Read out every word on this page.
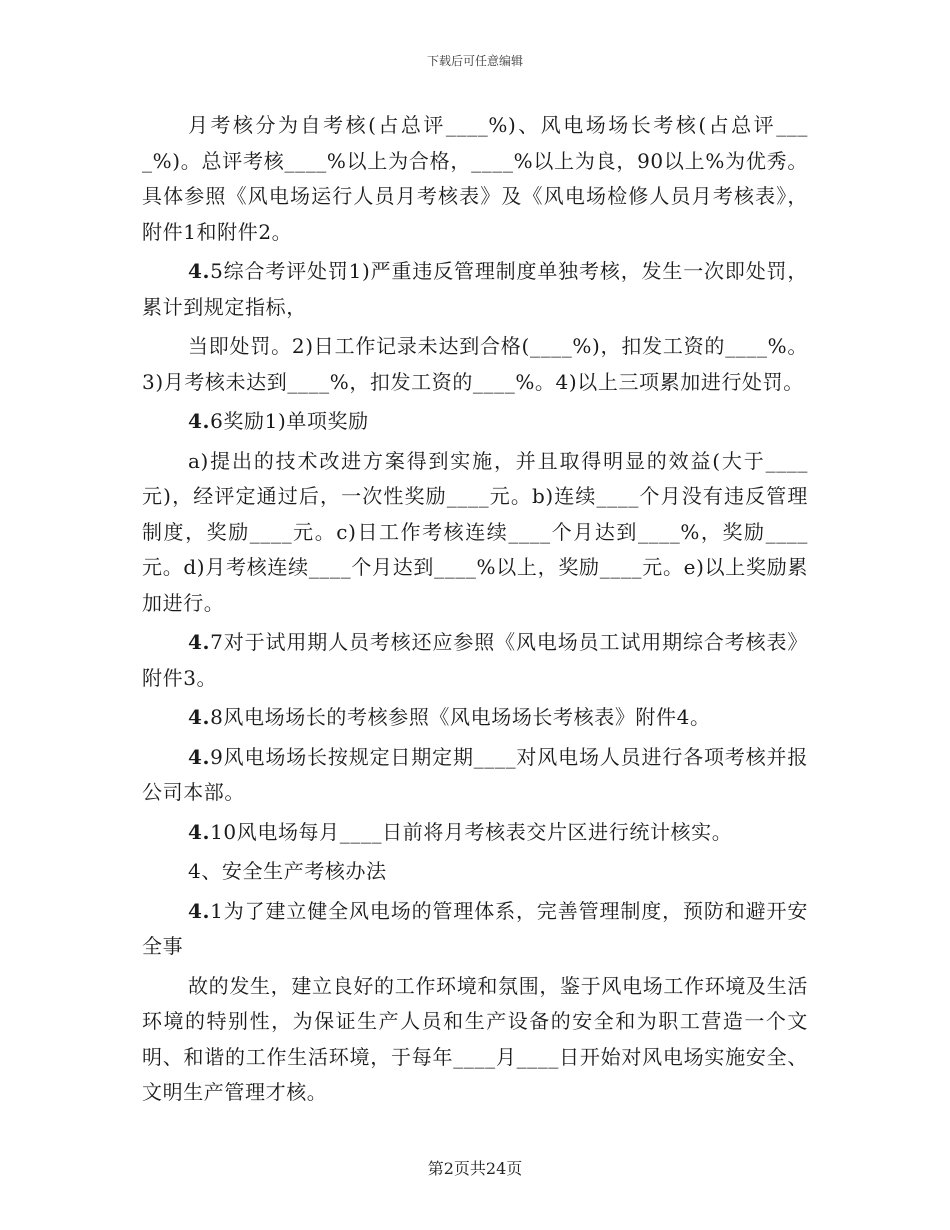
下载后可任意编辑

月考核分为自考核(占总评____%)、风电场场长考核(占总评____%)。总评考核____%以上为合格，____%以上为良，90以上%为优秀。具体参照《风电场运行人员月考核表》及《风电场检修人员月考核表》，附件1和附件2。

4.5综合考评处罚1)严重违反管理制度单独考核，发生一次即处罚，累计到规定指标，

当即处罚。2)日工作记录未达到合格(____%)，扣发工资的____%。3)月考核未达到____%，扣发工资的____%。4)以上三项累加进行处罚。

4.6奖励1)单项奖励

a)提出的技术改进方案得到实施，并且取得明显的效益(大于____元)，经评定通过后，一次性奖励____元。b)连续____个月没有违反管理制度，奖励____元。c)日工作考核连续____个月达到____%，奖励____元。d)月考核连续____个月达到____%以上，奖励____元。e)以上奖励累加进行。

4.7对于试用期人员考核还应参照《风电场员工试用期综合考核表》附件3。

4.8风电场场长的考核参照《风电场场长考核表》附件4。

4.9风电场场长按规定日期定期____对风电场人员进行各项考核并报公司本部。

4.10风电场每月____日前将月考核表交片区进行统计核实。

4、安全生产考核办法

4.1为了建立健全风电场的管理体系，完善管理制度，预防和避开安全事

故的发生，建立良好的工作环境和氛围，鉴于风电场工作环境及生活环境的特别性，为保证生产人员和生产设备的安全和为职工营造一个文明、和谐的工作生活环境，于每年____月____日开始对风电场实施安全、文明生产管理才核。

第2页共24页
